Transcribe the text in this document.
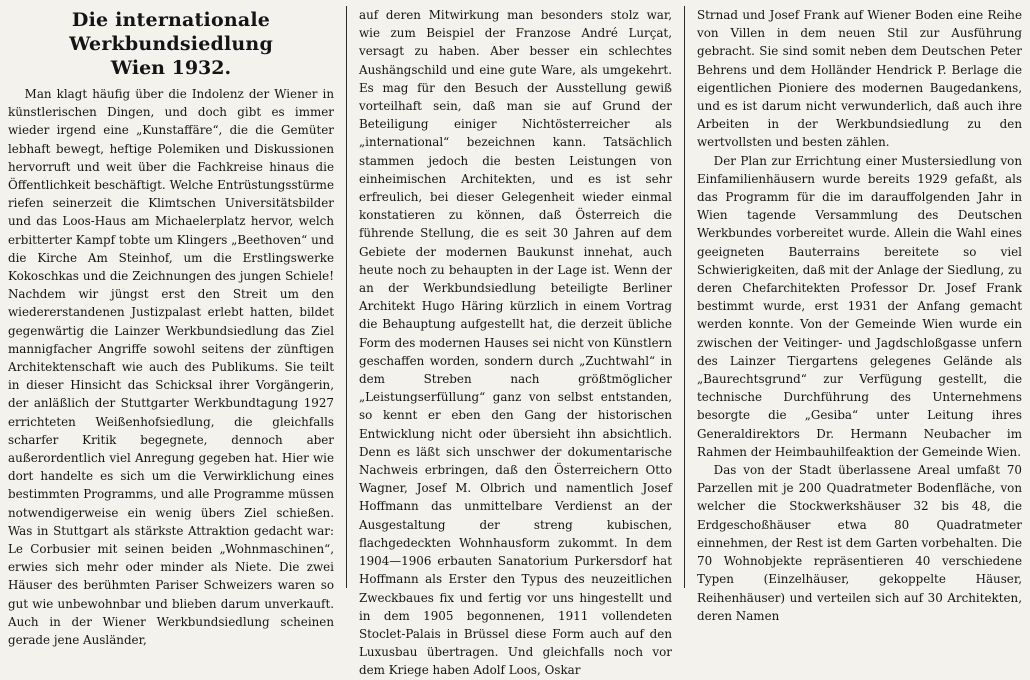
Die internationale Werkbundsiedlung
Wien 1932.

Man klagt häufig über die Indolenz der Wiener in künstlerischen Dingen, und doch gibt es immer wieder irgend eine „Kunstaffäre“, die die Gemüter lebhaft bewegt, heftige Polemiken und Diskussionen hervorruft und weit über die Fachkreise hinaus die Öffentlichkeit beschäftigt. Welche Entrüstungsstürme riefen seinerzeit die Klimtschen Universitätsbilder und das Loos-Haus am Michaelerplatz hervor, welch erbitterter Kampf tobte um Klingers „Beethoven“ und die Kirche Am Steinhof, um die Erstlingswerke Kokoschkas und die Zeichnungen des jungen Schiele! Nachdem wir jüngst erst den Streit um den wiedererstandenen Justizpalast erlebt hatten, bildet gegenwärtig die Lainzer Werkbundsiedlung das Ziel mannigfacher Angriffe sowohl seitens der zünftigen Architektenschaft wie auch des Publikums. Sie teilt in dieser Hinsicht das Schicksal ihrer Vorgängerin, der anläßlich der Stuttgarter Werkbundtagung 1927 errichteten Weißenhofsiedlung, die gleichfalls scharfer Kritik begegnete, dennoch aber außerordentlich viel Anregung gegeben hat. Hier wie dort handelte es sich um die Verwirklichung eines bestimmten Programms, und alle Programme müssen notwendigerweise ein wenig übers Ziel schießen. Was in Stuttgart als stärkste Attraktion gedacht war: Le Corbusier mit seinen beiden „Wohnmaschinen“, erwies sich mehr oder minder als Niete. Die zwei Häuser des berühmten Pariser Schweizers waren so gut wie unbewohnbar und blieben darum unverkauft. Auch in der Wiener Werkbundsiedlung scheinen gerade jene Ausländer,

auf deren Mitwirkung man besonders stolz war, wie zum Beispiel der Franzose André Lurçat, versagt zu haben. Aber besser ein schlechtes Aushängschild und eine gute Ware, als umgekehrt. Es mag für den Besuch der Ausstellung gewiß vorteilhaft sein, daß man sie auf Grund der Beteiligung einiger Nichtösterreicher als „international“ bezeichnen kann. Tatsächlich stammen jedoch die besten Leistungen von einheimischen Architekten, und es ist sehr erfreulich, bei dieser Gelegenheit wieder einmal konstatieren zu können, daß Österreich die führende Stellung, die es seit 30 Jahren auf dem Gebiete der modernen Baukunst innehat, auch heute noch zu behaupten in der Lage ist. Wenn der an der Werkbundsiedlung beteiligte Berliner Architekt Hugo Häring kürzlich in einem Vortrag die Behauptung aufgestellt hat, die derzeit übliche Form des modernen Hauses sei nicht von Künstlern geschaffen worden, sondern durch „Zuchtwahl“ in dem Streben nach größtmöglicher „Leistungserfüllung“ ganz von selbst entstanden, so kennt er eben den Gang der historischen Entwicklung nicht oder übersieht ihn absichtlich. Denn es läßt sich unschwer der dokumentarische Nachweis erbringen, daß den Österreichern Otto Wagner, Josef M. Olbrich und namentlich Josef Hoffmann das unmittelbare Verdienst an der Ausgestaltung der streng kubischen, flachgedeckten Wohnhausform zukommt. In dem 1904—1906 erbauten Sanatorium Purkersdorf hat Hoffmann als Erster den Typus des neuzeitlichen Zweckbaues fix und fertig vor uns hingestellt und in dem 1905 begonnenen, 1911 vollendeten Stoclet-Palais in Brüssel diese Form auch auf den Luxusbau übertragen. Und gleichfalls noch vor dem Kriege haben Adolf Loos, Oskar

Strnad und Josef Frank auf Wiener Boden eine Reihe von Villen in dem neuen Stil zur Ausführung gebracht. Sie sind somit neben dem Deutschen Peter Behrens und dem Holländer Hendrick P. Berlage die eigentlichen Pioniere des modernen Baugedankens, und es ist darum nicht verwunderlich, daß auch ihre Arbeiten in der Werkbundsiedlung zu den wertvollsten und besten zählen.

Der Plan zur Errichtung einer Mustersiedlung von Einfamilienhäusern wurde bereits 1929 gefaßt, als das Programm für die im darauffolgenden Jahr in Wien tagende Versammlung des Deutschen Werkbundes vorbereitet wurde. Allein die Wahl eines geeigneten Bauterrains bereitete so viel Schwierigkeiten, daß mit der Anlage der Siedlung, zu deren Chefarchitekten Professor Dr. Josef Frank bestimmt wurde, erst 1931 der Anfang gemacht werden konnte. Von der Gemeinde Wien wurde ein zwischen der Veitinger- und Jagdschloßgasse unfern des Lainzer Tiergartens gelegenes Gelände als „Baurechtsgrund“ zur Verfügung gestellt, die technische Durchführung des Unternehmens besorgte die „Gesiba“ unter Leitung ihres Generaldirektors Dr. Hermann Neubacher im Rahmen der Heimbauhilfeaktion der Gemeinde Wien.

Das von der Stadt überlassene Areal umfaßt 70 Parzellen mit je 200 Quadratmeter Bodenfläche, von welcher die Stockwerkshäuser 32 bis 48, die Erdgeschoßhäuser etwa 80 Quadratmeter einnehmen, der Rest ist dem Garten vorbehalten. Die 70 Wohnobjekte repräsentieren 40 verschiedene Typen (Einzelhäuser, gekoppelte Häuser, Reihenhäuser) und verteilen sich auf 30 Architekten, deren Namen
